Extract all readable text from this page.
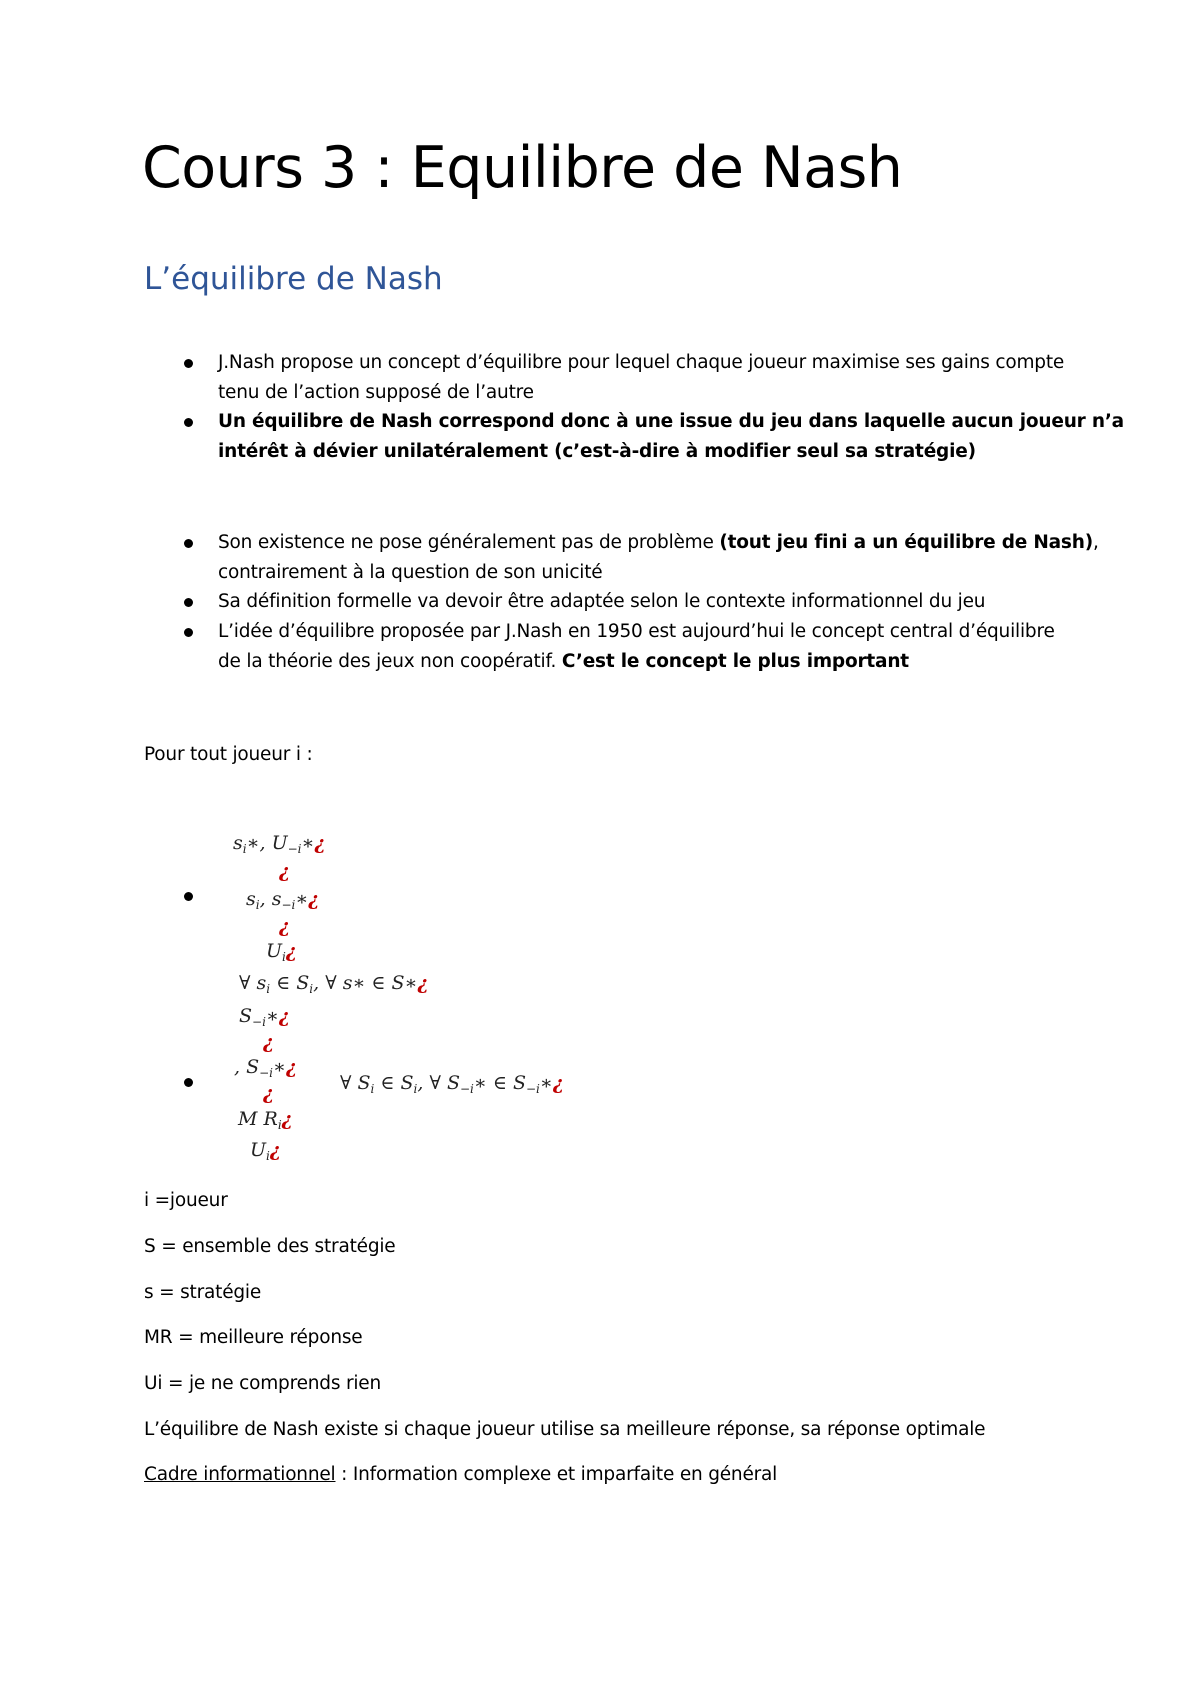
Cours 3 : Equilibre de Nash
L’équilibre de Nash
J.Nash propose un concept d’équilibre pour lequel chaque joueur maximise ses gains compte
tenu de l’action supposé de l’autre
Un équilibre de Nash correspond donc à une issue du jeu dans laquelle aucun joueur n’a
intérêt à dévier unilatéralement (c’est-à-dire à modifier seul sa stratégie)
Son existence ne pose généralement pas de problème (tout jeu fini a un équilibre de Nash),
contrairement à la question de son unicité
Sa définition formelle va devoir être adaptée selon le contexte informationnel du jeu
L’idée d’équilibre proposée par J.Nash en 1950 est aujourd’hui le concept central d’équilibre
de la théorie des jeux non coopératif. C’est le concept le plus important
Pour tout joueur i :
$s_i∗$, $U_{-i}∗¿$
¿
$s_i$, $s_{-i}∗¿$
¿
$U_i¿$
∀ $s_i$ ∈ $S_i$, ∀ s∗ ∈ S∗¿
$S_{-i}∗¿$
¿
, $S_{-i}∗¿$
¿	∀ $S_i$ ∈ $S_i$, ∀ $S_{-i}∗$ ∈ $S_{-i}∗¿$
M $R_i¿$
$U_i¿$
i =joueur
S = ensemble des stratégie
s = stratégie
MR = meilleure réponse
Ui = je ne comprends rien
L’équilibre de Nash existe si chaque joueur utilise sa meilleure réponse, sa réponse optimale
Cadre informationnel : Information complexe et imparfaite en général
